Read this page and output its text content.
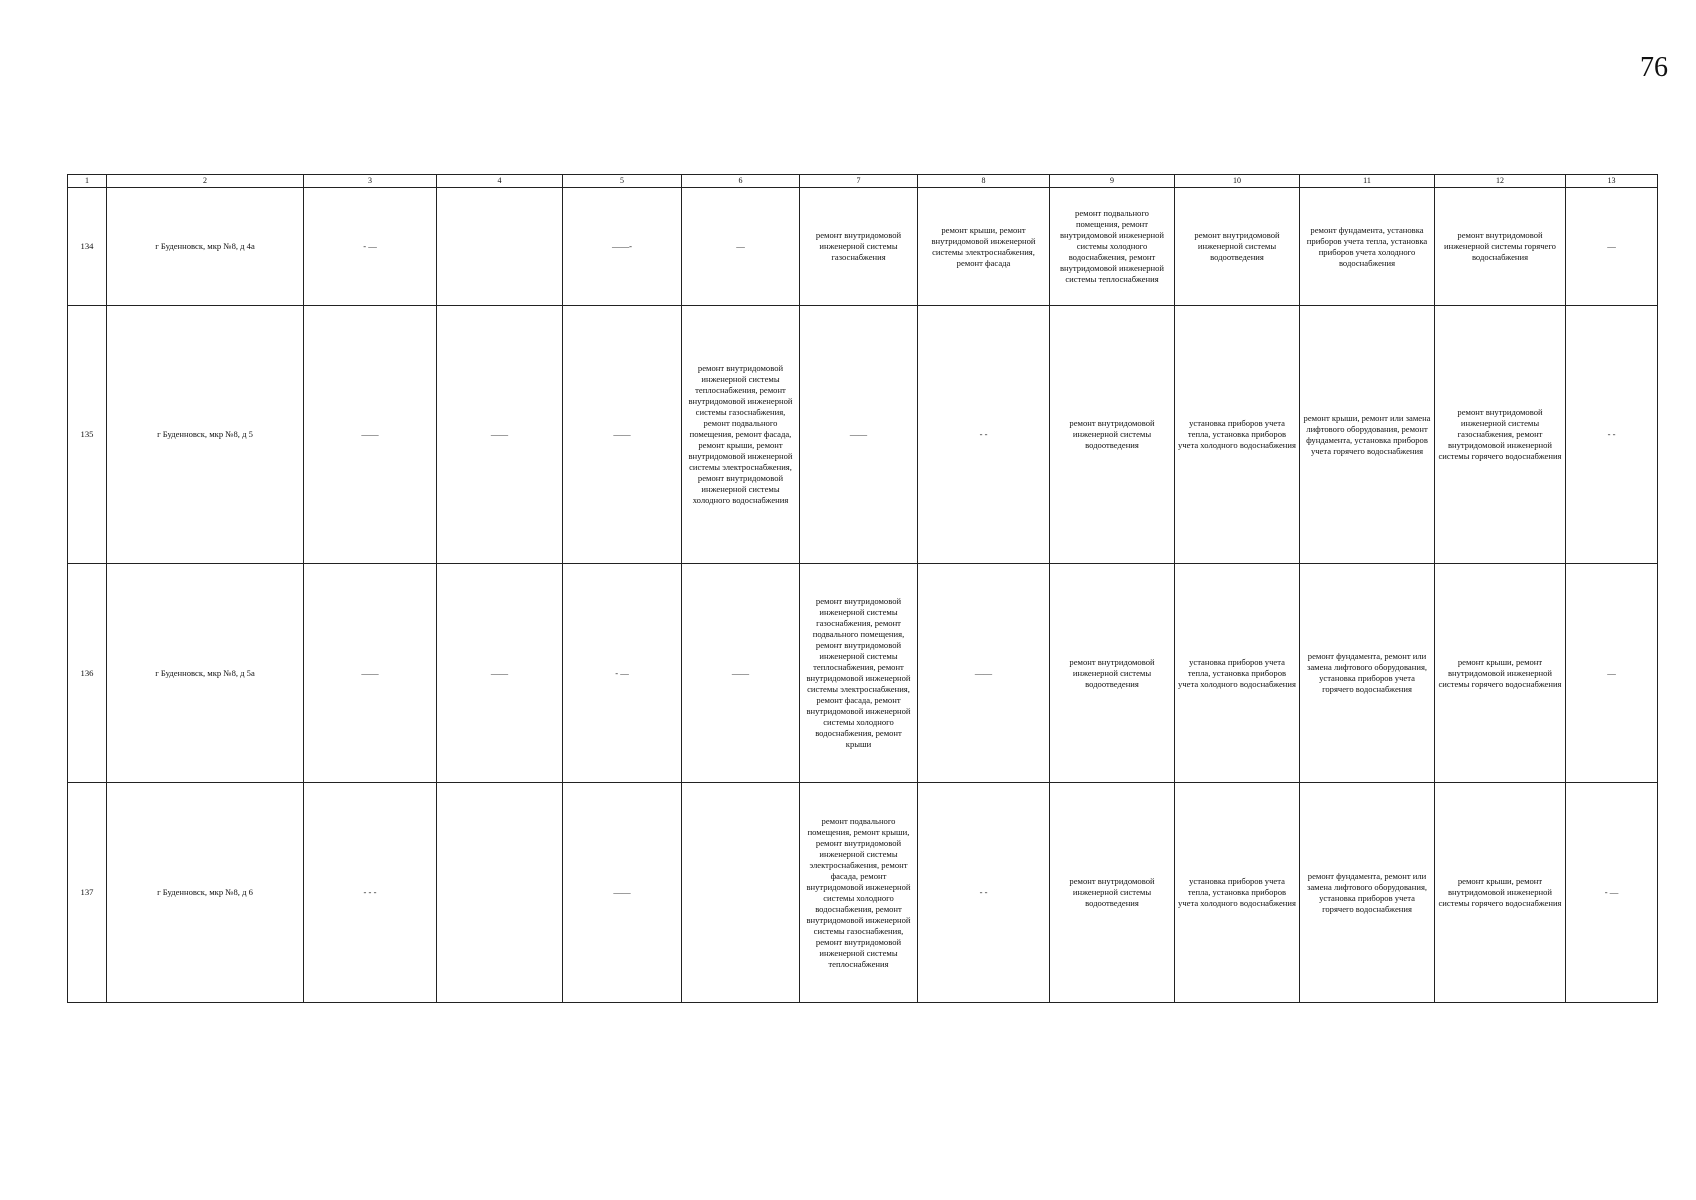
76
1	2	3	4	5	6	7	8	9	10	11	12	13
134	г Буденновск, мкр №8, д 4а	- —		——-	—	ремонт внутридомовой инженерной системы газоснабжения	ремонт крыши, ремонт внутридомовой инженерной системы электроснабжения, ремонт фасада	ремонт подвального помещения, ремонт внутридомовой инженерной системы холодного водоснабжения, ремонт внутридомовой инженерной системы теплоснабжения	ремонт внутридомовой инженерной системы водоотведения	ремонт фундамента, установка приборов учета тепла, установка приборов учета холодного водоснабжения	ремонт внутридомовой инженерной системы горячего водоснабжения	—
135	г Буденновск, мкр №8, д 5	——	——	——	ремонт внутридомовой инженерной системы теплоснабжения, ремонт внутридомовой инженерной системы газоснабжения, ремонт подвального помещения, ремонт фасада, ремонт крыши, ремонт внутридомовой инженерной системы электроснабжения, ремонт внутридомовой инженерной системы холодного водоснабжения	——	- -	ремонт внутридомовой инженерной системы водоотведения	установка приборов учета тепла, установка приборов учета холодного водоснабжения	ремонт крыши, ремонт или замена лифтового оборудования, ремонт фундамента, установка приборов учета горячего водоснабжения	ремонт внутридомовой инженерной системы газоснабжения, ремонт внутридомовой инженерной системы горячего водоснабжения	- -
136	г Буденновск, мкр №8, д 5а	——	——	- —	——	ремонт внутридомовой инженерной системы газоснабжения, ремонт подвального помещения, ремонт внутридомовой инженерной системы теплоснабжения, ремонт внутридомовой инженерной системы электроснабжения, ремонт фасада, ремонт внутридомовой инженерной системы холодного водоснабжения, ремонт крыши	——	ремонт внутридомовой инженерной системы водоотведения	установка приборов учета тепла, установка приборов учета холодного водоснабжения	ремонт фундамента, ремонт или замена лифтового оборудования, установка приборов учета горячего водоснабжения	ремонт крыши, ремонт внутридомовой инженерной системы горячего водоснабжения	—
137	г Буденновск, мкр №8, д 6	- - -		——		ремонт подвального помещения, ремонт крыши, ремонт внутридомовой инженерной системы электроснабжения, ремонт фасада, ремонт внутридомовой инженерной системы холодного водоснабжения, ремонт внутридомовой инженерной системы газоснабжения, ремонт внутридомовой инженерной системы теплоснабжения	- -	ремонт внутридомовой инженерной системы водоотведения	установка приборов учета тепла, установка приборов учета холодного водоснабжения	ремонт фундамента, ремонт или замена лифтового оборудования, установка приборов учета горячего водоснабжения	ремонт крыши, ремонт внутридомовой инженерной системы горячего водоснабжения	- —
